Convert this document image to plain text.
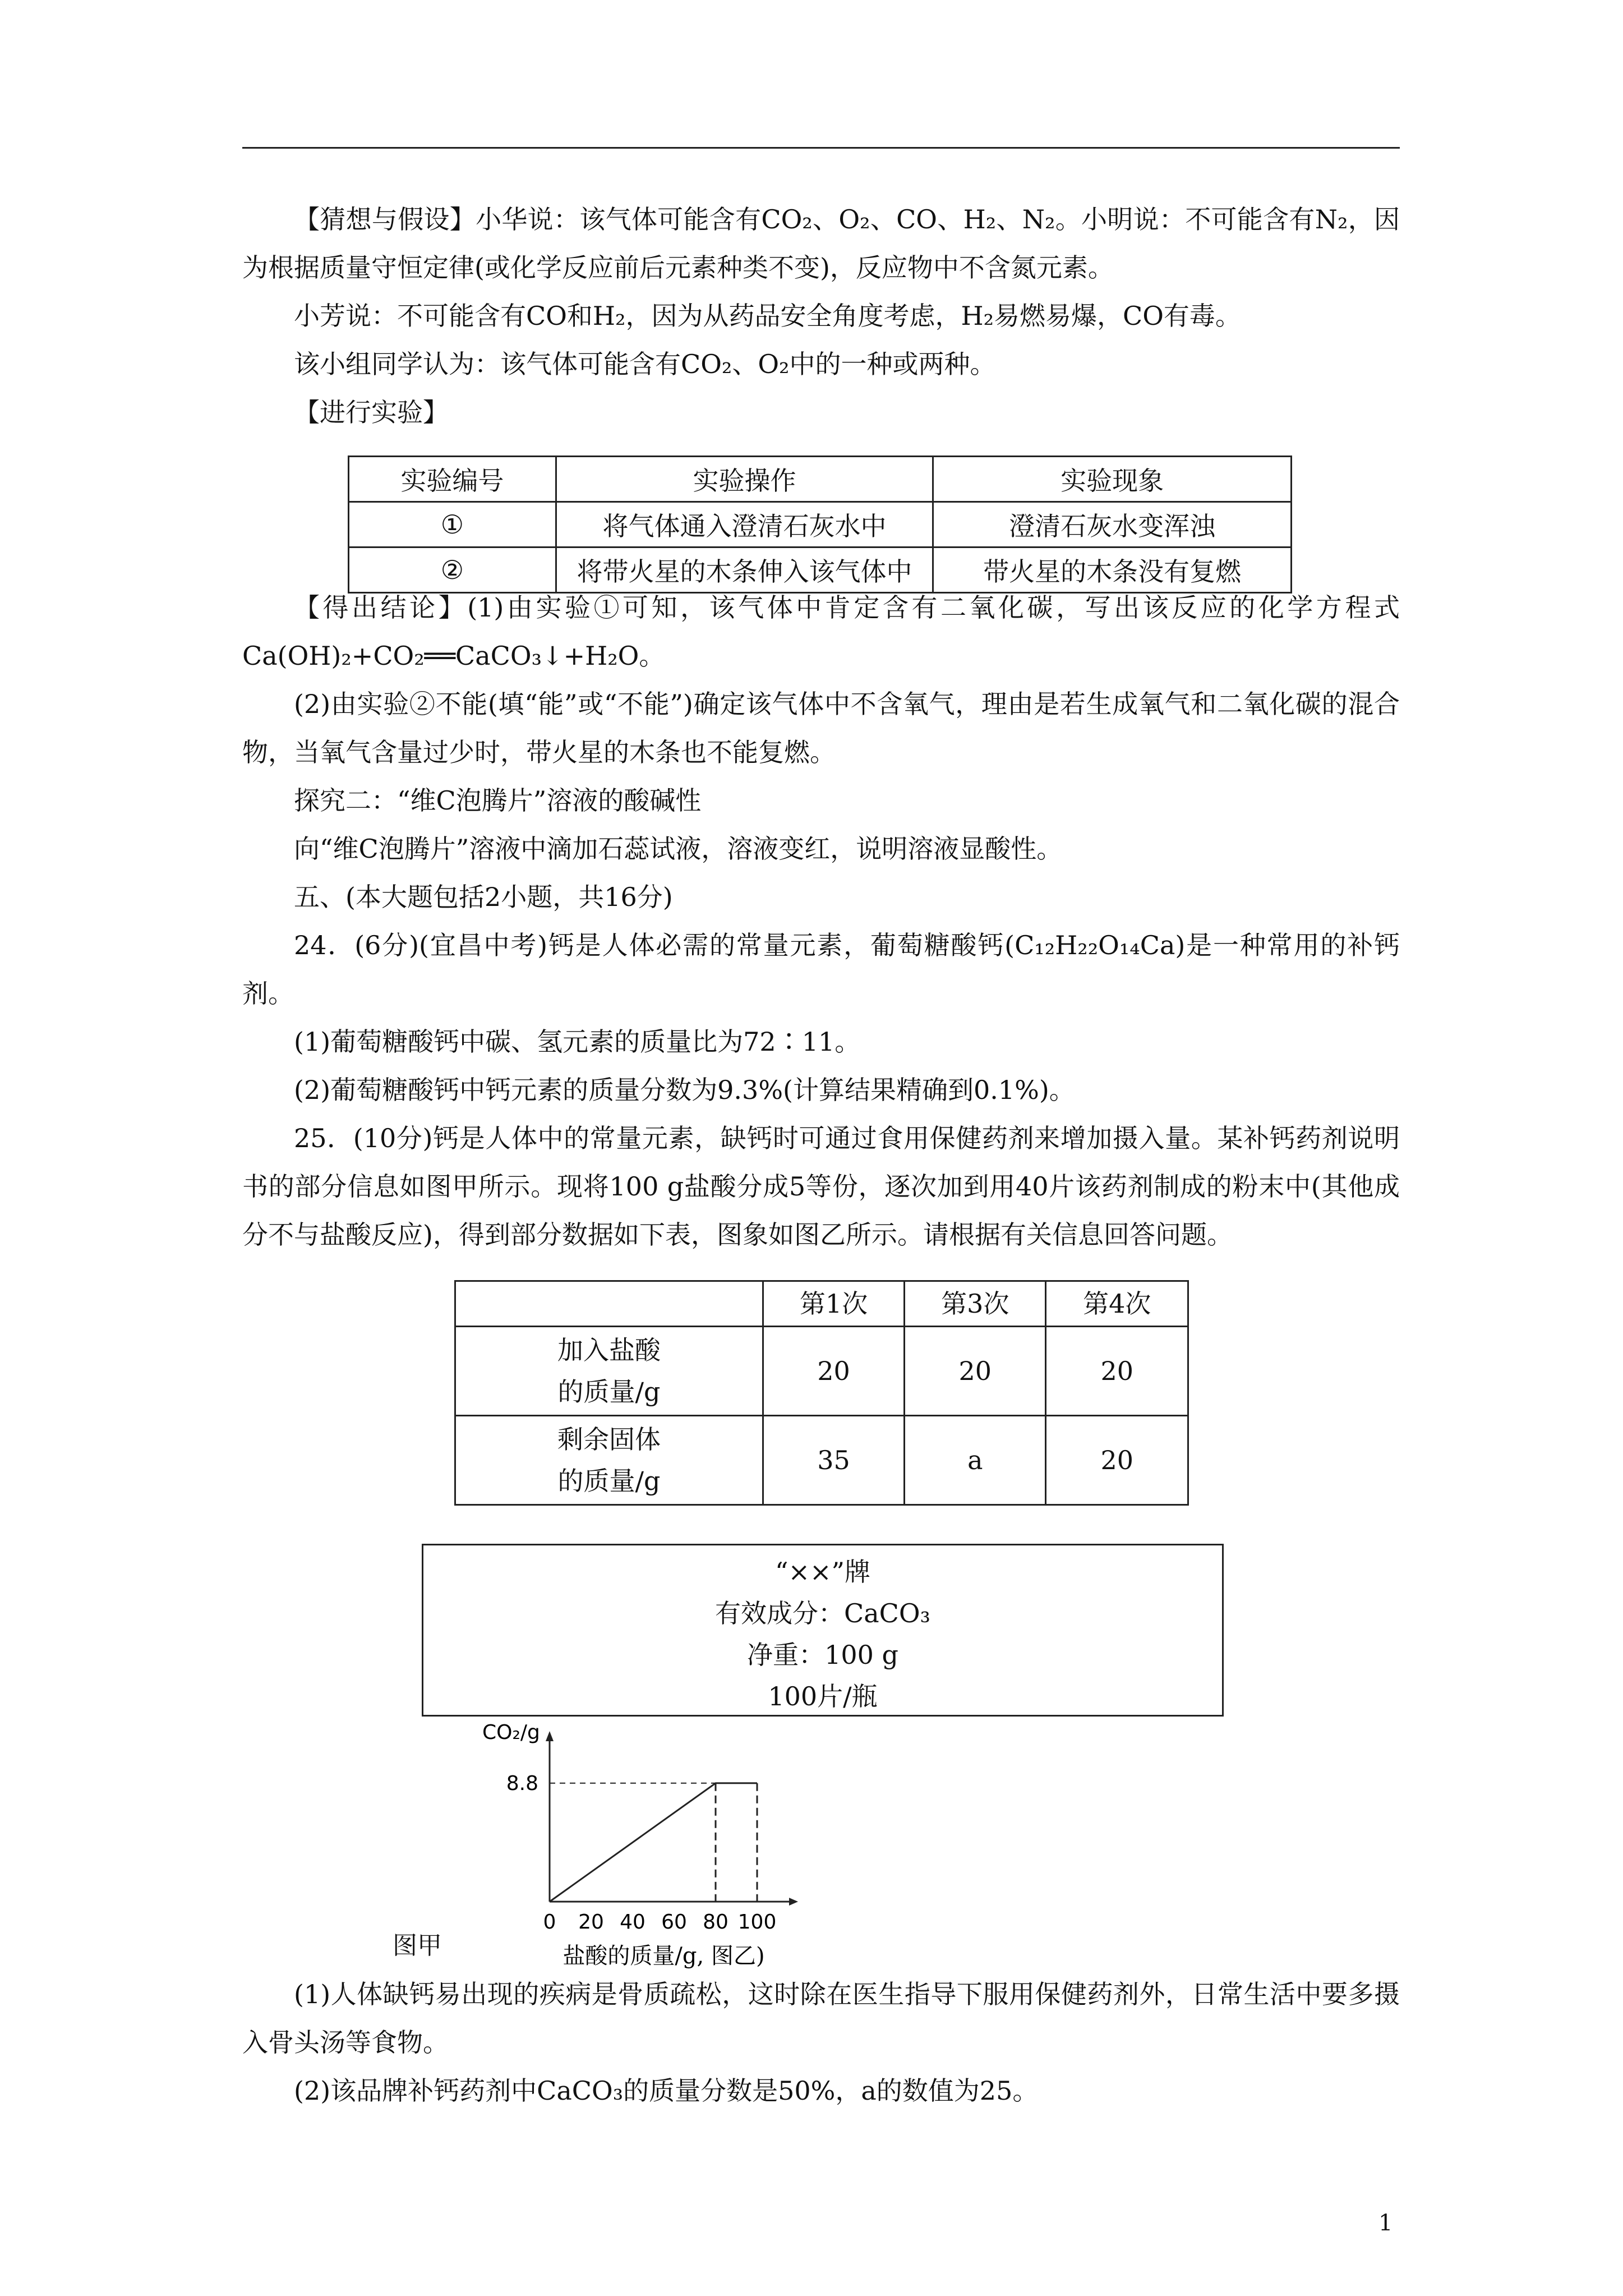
【猜想与假设】小华说：该气体可能含有CO₂、O₂、CO、H₂、N₂。小明说：不可能含有N₂，因为根据质量守恒定律(或化学反应前后元素种类不变)，反应物中不含氮元素。

小芳说：不可能含有CO和H₂，因为从药品安全角度考虑，H₂易燃易爆，CO有毒。

该小组同学认为：该气体可能含有CO₂、O₂中的一种或两种。

【进行实验】

实验编号	实验操作	实验现象
①	将气体通入澄清石灰水中	澄清石灰水变浑浊
②	将带火星的木条伸入该气体中	带火星的木条没有复燃

【得出结论】(1)由实验①可知，该气体中肯定含有二氧化碳，写出该反应的化学方程式Ca(OH)₂+CO₂══CaCO₃↓+H₂O。

(2)由实验②不能(填“能”或“不能”)确定该气体中不含氧气，理由是若生成氧气和二氧化碳的混合物，当氧气含量过少时，带火星的木条也不能复燃。

探究二：“维C泡腾片”溶液的酸碱性

向“维C泡腾片”溶液中滴加石蕊试液，溶液变红，说明溶液显酸性。

五、(本大题包括2小题，共16分)

24．(6分)(宜昌中考)钙是人体必需的常量元素，葡萄糖酸钙(C₁₂H₂₂O₁₄Ca)是一种常用的补钙剂。

(1)葡萄糖酸钙中碳、氢元素的质量比为72∶11。

(2)葡萄糖酸钙中钙元素的质量分数为9.3%(计算结果精确到0.1%)。

25．(10分)钙是人体中的常量元素，缺钙时可通过食用保健药剂来增加摄入量。某补钙药剂说明书的部分信息如图甲所示。现将100 g盐酸分成5等份，逐次加到用40片该药剂制成的粉末中(其他成分不与盐酸反应)，得到部分数据如下表，图象如图乙所示。请根据有关信息回答问题。

	第1次	第3次	第4次

加入盐酸
的质量/g	20	20	20

剩余固体
的质量/g	35	a	20
“××”牌
有效成分：CaCO₃
净重：100 g
100片/瓶
CO₂/g
8.8
0 20 40 60 80 100
盐酸的质量/g, 图乙)
图甲

(1)人体缺钙易出现的疾病是骨质疏松，这时除在医生指导下服用保健药剂外，日常生活中要多摄入骨头汤等食物。

(2)该品牌补钙药剂中CaCO₃的质量分数是50%，a的数值为25。

1
